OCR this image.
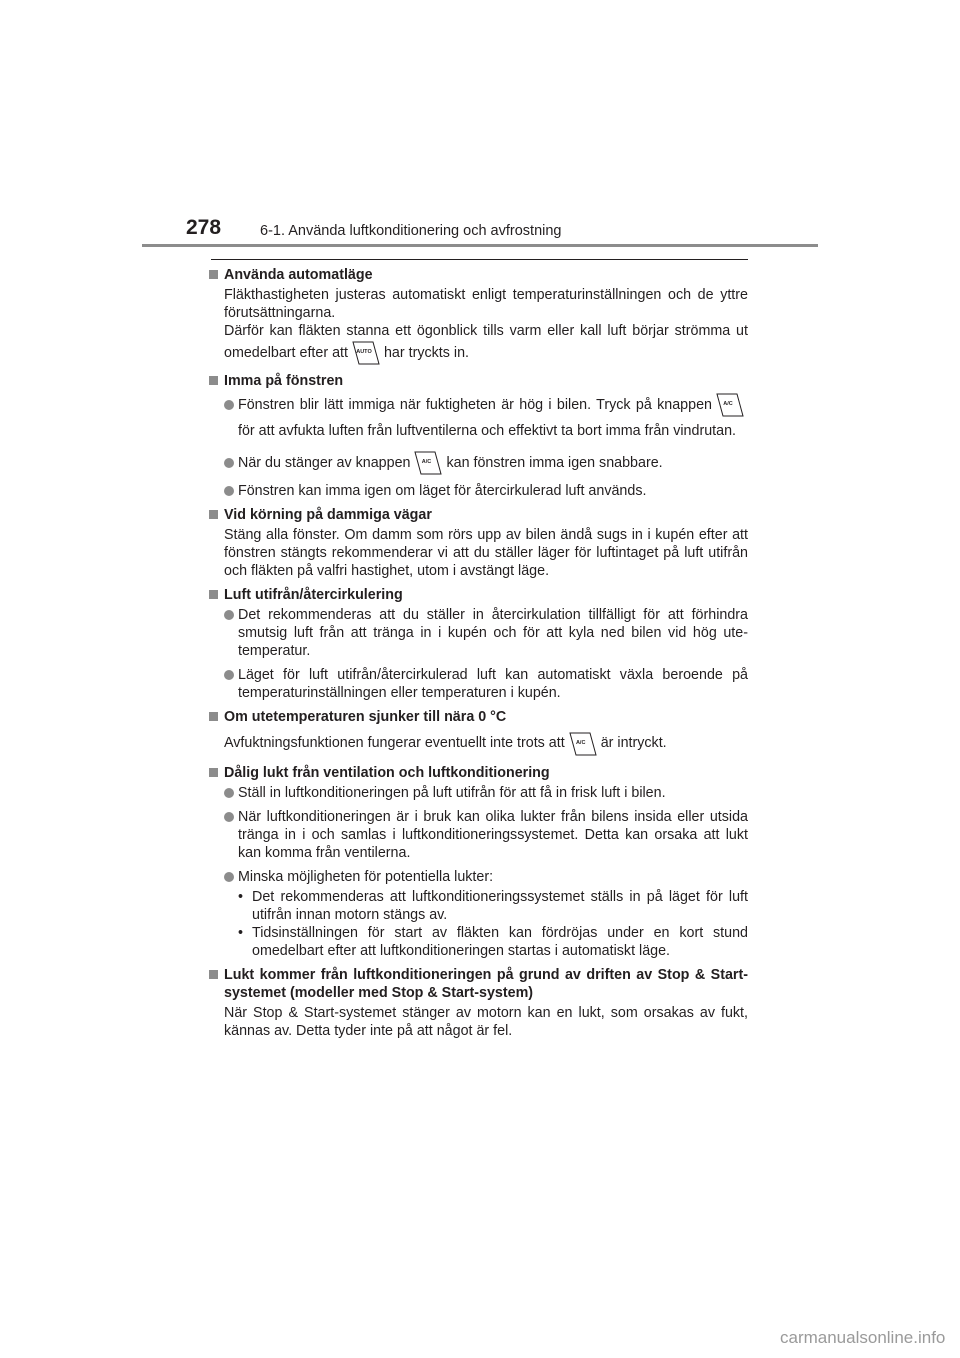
278	6-1. Använda luftkonditionering och avfrostning
Använda automatläge
Fläkthastigheten justeras automatiskt enligt temperaturinställningen och de yttre förutsättningarna.
Därför kan fläkten stanna ett ögonblick tills varm eller kall luft börjar strömma ut omedelbart efter att	AUTO har tryckts in.
Imma på fönstren
Fönstren blir lätt immiga när fuktigheten är hög i bilen. Tryck på knappen	A/C
för att avfukta luften från luftventilerna och effektivt ta bort imma från vindrutan.
När du stänger av knappen	A/C	kan fönstren imma igen snabbare.
Fönstren kan imma igen om läget för återcirkulerad luft används.
Vid körning på dammiga vägar
Stäng alla fönster. Om damm som rörs upp av bilen ändå sugs in i kupén efter att fönstren stängts rekommenderar vi att du ställer läger för luftintaget på luft utifrån och fläkten på valfri hastighet, utom i avstängt läge.
Luft utifrån/återcirkulering
Det rekommenderas att du ställer in återcirkulation tillfälligt för att förhindra smutsig luft från att tränga in i kupén och för att kyla ned bilen vid hög ute-temperatur.
Läget för luft utifrån/återcirkulerad luft kan automatiskt växla beroende på temperaturinställningen eller temperaturen i kupén.
Om utetemperaturen sjunker till nära 0 °C
Avfuktningsfunktionen fungerar eventuellt inte trots att	A/C	är intryckt.
Dålig lukt från ventilation och luftkonditionering
Ställ in luftkonditioneringen på luft utifrån för att få in frisk luft i bilen.
När luftkonditioneringen är i bruk kan olika lukter från bilens insida eller utsida tränga in i och samlas i luftkonditioneringssystemet. Detta kan orsaka att lukt kan komma från ventilerna.
Minska möjligheten för potentiella lukter:
• Det rekommenderas att luftkonditioneringssystemet ställs in på läget för luft utifrån innan motorn stängs av.
• Tidsinställningen för start av fläkten kan fördröjas under en kort stund omedelbart efter att luftkonditioneringen startas i automatiskt läge.
Lukt kommer från luftkonditioneringen på grund av driften av Stop & Start-systemet (modeller med Stop & Start-system)
När Stop & Start-systemet stänger av motorn kan en lukt, som orsakas av fukt, kännas av. Detta tyder inte på att något är fel.
carmanualsonline.info
